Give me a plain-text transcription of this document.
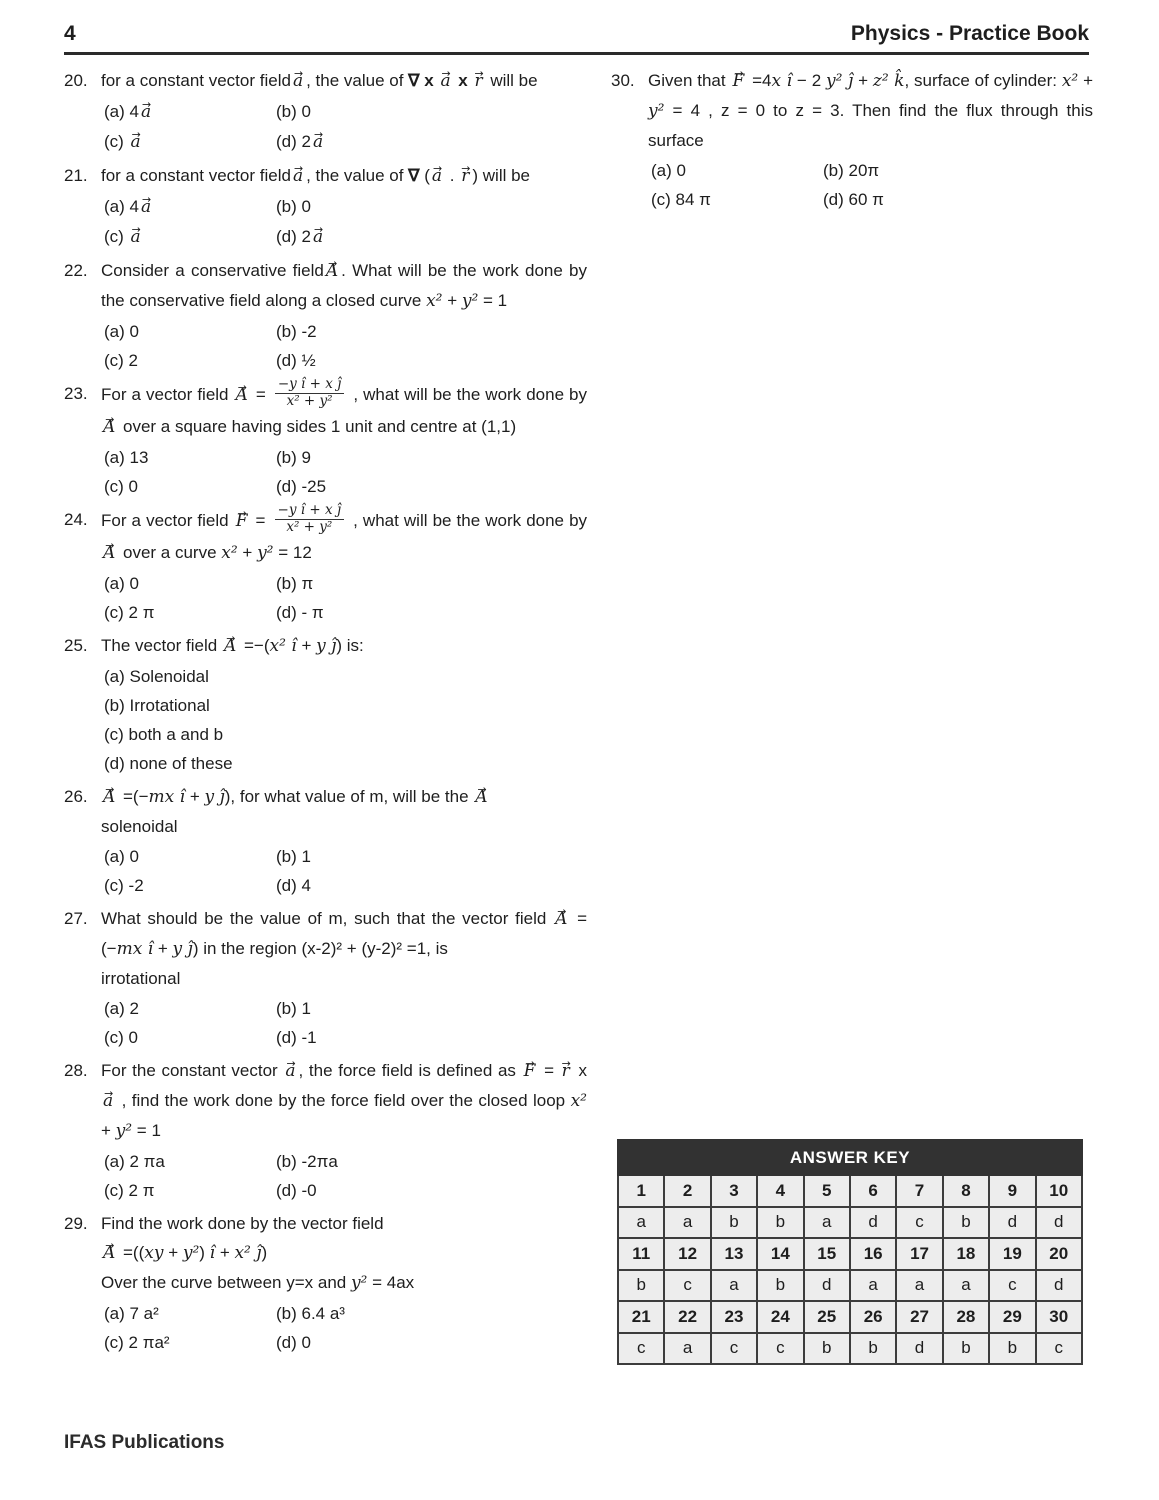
4	Physics - Practice Book
20. for a constant vector field a → , the value of ∇ x a → x r → will be
(a) 4 a →	(b) 0
(c) a →	(d) 2 a →
21. for a constant vector field a → , the value of ∇ ( a → . r → ) will be
(a) 4 a →	(b) 0
(c) a →	(d) 2 a →
22. Consider a conservative field A → . What will be the work done by the conservative field along a closed curve x² + y² = 1
(a) 0	(b) -2
(c) 2	(d) ½
23. For a vector field A → = $\frac{\text{−y î + x ĵ}}{\text{x² + y²}}$ , what will be the work done by A → over a square having sides 1 unit and centre at (1,1)
(a) 13	(b) 9
(c) 0	(d) -25
24. For a vector field F → = $\frac{\text{−y î + x ĵ}}{\text{x² + y²}}$ , what will be the work done by A → over a curve x² + y² = 12
(a) 0	(b) π
(c) 2 π	(d) - π
25. The vector field A → =−(x² î + y ĵ) is:
(a) Solenoidal
(b) Irrotational
(c) both a and b
(d) none of these
26. A → =(−mx î + y ĵ), for what value of m, will be the A →
solenoidal
(a) 0	(b) 1
(c) -2	(d) 4
27. What should be the value of m, such that the vector field A → =(−mx î + y ĵ) in the region (x-2)² + (y-2)² =1, is
irrotational
(a) 2	(b) 1
(c) 0	(d) -1
28. For the constant vector a → , the force field is defined as F → = r → x a → , find the work done by the force field over the closed loop x² + y² = 1
(a) 2 πa	(b) -2πa
(c) 2 π	(d) -0
29. Find the work done by the vector field
A → =((xy + y²) î + x² ĵ)
Over the curve between y=x and y² = 4ax
(a) 7 a²	(b) 6.4 a³
(c) 2 πa²	(d) 0
30. Given that F → =4x î − 2 y² ĵ + z² k̂, surface of cylinder: x² + y² = 4 , z = 0 to z = 3. Then find the flux through this surface
(a) 0	(b) 20π
(c) 84 π	(d) 60 π
ANSWER KEY									
1	2	3	4	5	6	7	8	9	10
a	a	b	b	a	d	c	b	d	d
11	12	13	14	15	16	17	18	19	20
b	c	a	b	d	a	a	a	c	d
21	22	23	24	25	26	27	28	29	30
c	a	c	c	b	b	d	b	b	c
IFAS Publications
